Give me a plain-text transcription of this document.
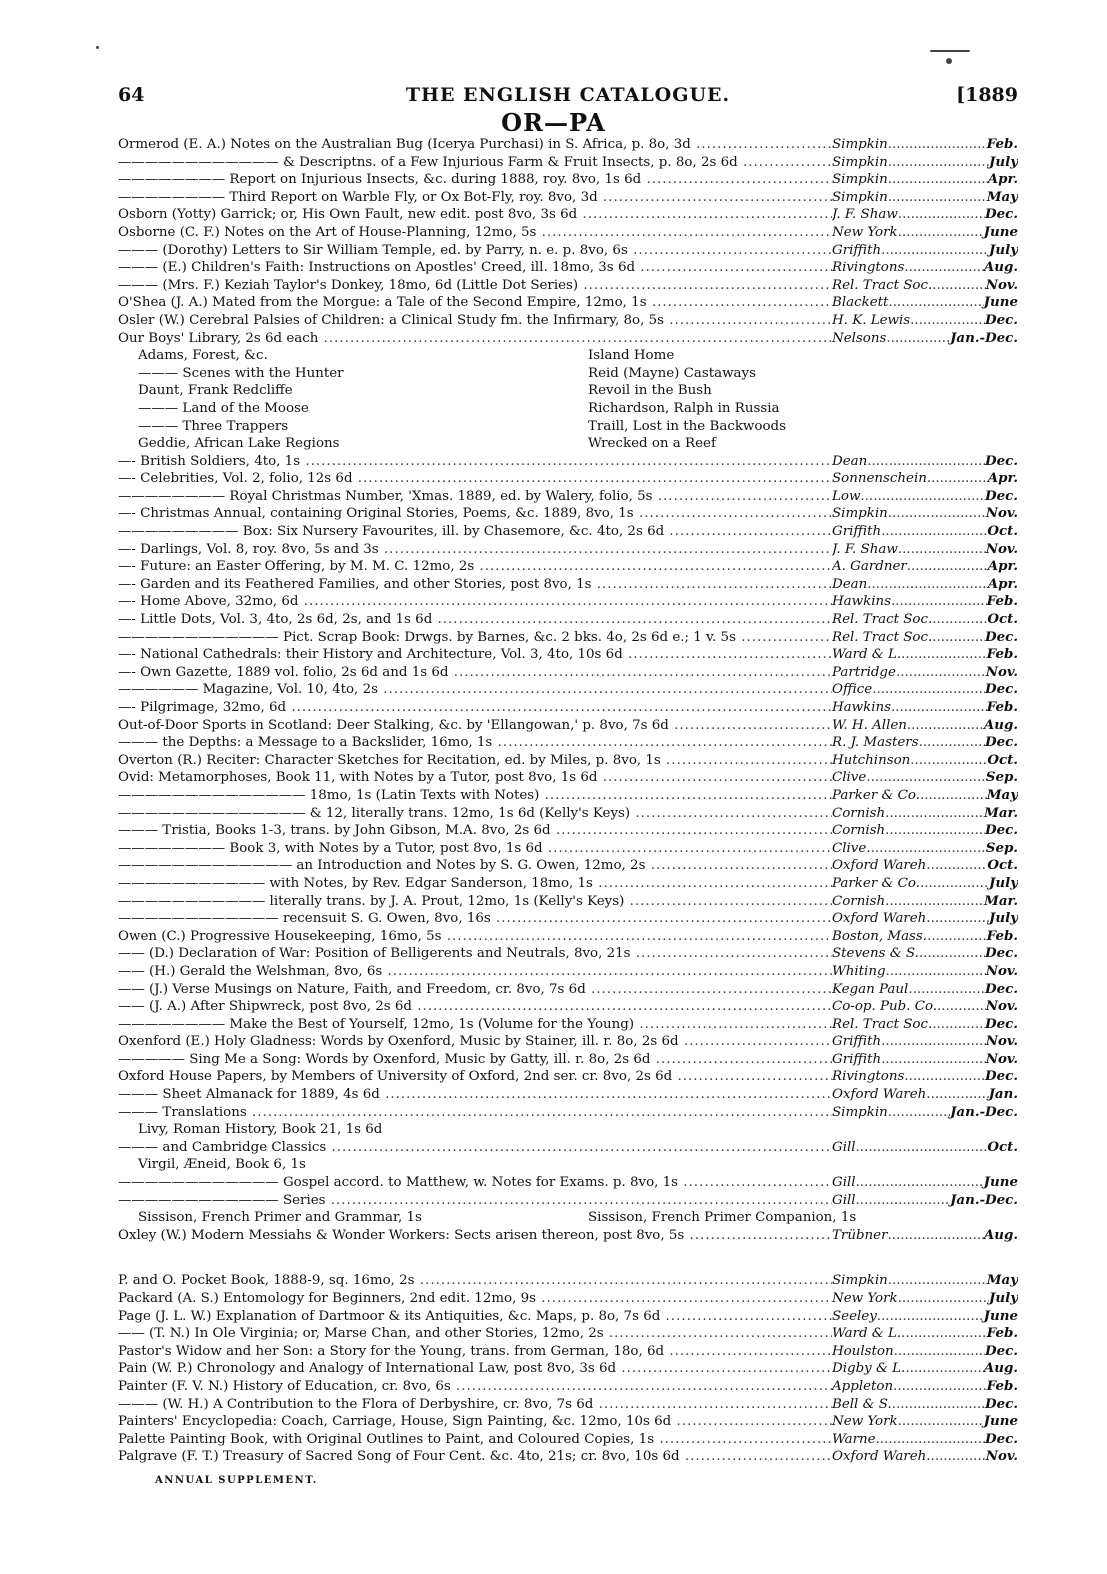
THE ENGLISH CATALOGUE.
64	[1889
OR—PA
Ormerod (E. A.) Notes on the Australian Bug (Icerya Purchasi) in S. Africa, p. 8o, 3d .....	Simpkin .....	Feb.
———————————— & Descriptns. of a Few Injurious Farm & Fruit Insects, p. 8o, 2s 6d .....	Simpkin .....	July
———————— Report on Injurious Insects, &c. during 1888, roy. 8vo, 1s 6d .....	Simpkin .....	Apr.
———————— Third Report on Warble Fly, or Ox Bot-Fly, roy. 8vo, 3d .....	Simpkin .....	May
Osborn (Yotty) Garrick; or, His Own Fault, new edit. post 8vo, 3s 6d .....	J. F. Shaw .....	Dec.
Osborne (C. F.) Notes on the Art of House-Planning, 12mo, 5s .....	New York .....	June
——— (Dorothy) Letters to Sir William Temple, ed. by Parry, n. e. p. 8vo, 6s .....	Griffith .....	July
——— (E.) Children's Faith: Instructions on Apostles' Creed, ill. 18mo, 3s 6d .....	Rivingtons .....	Aug.
——— (Mrs. F.) Keziah Taylor's Donkey, 18mo, 6d (Little Dot Series) .....	Rel. Tract Soc. .....	Nov.
O'Shea (J. A.) Mated from the Morgue: a Tale of the Second Empire, 12mo, 1s .....	Blackett .....	June
Osler (W.) Cerebral Palsies of Children: a Clinical Study fm. the Infirmary, 8o, 5s .....	H. K. Lewis .....	Dec.
Our Boys' Library, 2s 6d each .....	Nelsons .....	Jan.-Dec.
Adams, Forest, &c.	Island Home
——— Scenes with the Hunter	Reid (Mayne) Castaways
Daunt, Frank Redcliffe	Revoil in the Bush
——— Land of the Moose	Richardson, Ralph in Russia
——— Three Trappers	Traill, Lost in the Backwoods
Geddie, African Lake Regions	Wrecked on a Reef
—- British Soldiers, 4to, 1s .....	Dean .....	Dec.
—- Celebrities, Vol. 2, folio, 12s 6d .....	Sonnenschein .....	Apr.
———————— Royal Christmas Number, 'Xmas. 1889, ed. by Walery, folio, 5s .....	Low .....	Dec.
—- Christmas Annual, containing Original Stories, Poems, &c. 1889, 8vo, 1s .....	Simpkin .....	Nov.
————————— Box: Six Nursery Favourites, ill. by Chasemore, &c. 4to, 2s 6d .....	Griffith .....	Oct.
—- Darlings, Vol. 8, roy. 8vo, 5s and 3s .....	J. F. Shaw .....	Nov.
—- Future: an Easter Offering, by M. M. C. 12mo, 2s .....	A. Gardner .....	Apr.
—- Garden and its Feathered Families, and other Stories, post 8vo, 1s .....	Dean .....	Apr.
—- Home Above, 32mo, 6d .....	Hawkins .....	Feb.
—- Little Dots, Vol. 3, 4to, 2s 6d, 2s, and 1s 6d .....	Rel. Tract Soc. .....	Oct.
———————————— Pict. Scrap Book: Drwgs. by Barnes, &c. 2 bks. 4o, 2s 6d e.; 1 v. 5s .....	Rel. Tract Soc. .....	Dec.
—- National Cathedrals: their History and Architecture, Vol. 3, 4to, 10s 6d .....	Ward & L. .....	Feb.
—- Own Gazette, 1889 vol. folio, 2s 6d and 1s 6d .....	Partridge .....	Nov.
—————— Magazine, Vol. 10, 4to, 2s .....	Office .....	Dec.
—- Pilgrimage, 32mo, 6d .....	Hawkins .....	Feb.
Out-of-Door Sports in Scotland: Deer Stalking, &c. by 'Ellangowan,' p. 8vo, 7s 6d .....	W. H. Allen .....	Aug.
——— the Depths: a Message to a Backslider, 16mo, 1s .....	R. J. Masters .....	Dec.
Overton (R.) Reciter: Character Sketches for Recitation, ed. by Miles, p. 8vo, 1s .....	Hutchinson .....	Oct.
Ovid: Metamorphoses, Book 11, with Notes by a Tutor, post 8vo, 1s 6d .....	Clive .....	Sep.
—————————————— 18mo, 1s (Latin Texts with Notes) .....	Parker & Co. .....	May
—————————————— & 12, literally trans. 12mo, 1s 6d (Kelly's Keys) .....	Cornish .....	Mar.
——— Tristia, Books 1-3, trans. by John Gibson, M.A. 8vo, 2s 6d .....	Cornish .....	Dec.
———————— Book 3, with Notes by a Tutor, post 8vo, 1s 6d .....	Clive .....	Sep.
————————————— an Introduction and Notes by S. G. Owen, 12mo, 2s .....	Oxford Wareh. .....	Oct.
——————————— with Notes, by Rev. Edgar Sanderson, 18mo, 1s .....	Parker & Co. .....	July
——————————— literally trans. by J. A. Prout, 12mo, 1s (Kelly's Keys) .....	Cornish .....	Mar.
———————————— recensuit S. G. Owen, 8vo, 16s .....	Oxford Wareh. .....	July
Owen (C.) Progressive Housekeeping, 16mo, 5s .....	Boston, Mass. .....	Feb.
—— (D.) Declaration of War: Position of Belligerents and Neutrals, 8vo, 21s .....	Stevens & S. .....	Dec.
—— (H.) Gerald the Welshman, 8vo, 6s .....	Whiting .....	Nov.
—— (J.) Verse Musings on Nature, Faith, and Freedom, cr. 8vo, 7s 6d .....	Kegan Paul .....	Dec.
—— (J. A.) After Shipwreck, post 8vo, 2s 6d .....	Co-op. Pub. Co. .....	Nov.
———————— Make the Best of Yourself, 12mo, 1s (Volume for the Young) .....	Rel. Tract Soc. .....	Dec.
Oxenford (E.) Holy Gladness: Words by Oxenford, Music by Stainer, ill. r. 8o, 2s 6d .....	Griffith .....	Nov.
————— Sing Me a Song: Words by Oxenford, Music by Gatty, ill. r. 8o, 2s 6d .....	Griffith .....	Nov.
Oxford House Papers, by Members of University of Oxford, 2nd ser. cr. 8vo, 2s 6d .....	Rivingtons .....	Dec.
——— Sheet Almanack for 1889, 4s 6d .....	Oxford Wareh. .....	Jan.
——— Translations .....	Simpkin .....	Jan.-Dec.
Livy, Roman History, Book 21, 1s 6d
——— and Cambridge Classics .....	Gill .....	Oct.
Virgil, Æneid, Book 6, 1s
———————————— Gospel accord. to Matthew, w. Notes for Exams. p. 8vo, 1s .....	Gill .....	June
———————————— Series .....	Gill .....	Jan.-Dec.
Sissison, French Primer and Grammar, 1s	Sissison, French Primer Companion, 1s
Oxley (W.) Modern Messiahs & Wonder Workers: Sects arisen thereon, post 8vo, 5s .....	Trübner .....	Aug.
P. and O. Pocket Book, 1888-9, sq. 16mo, 2s .....	Simpkin .....	May
Packard (A. S.) Entomology for Beginners, 2nd edit. 12mo, 9s .....	New York .....	July
Page (J. L. W.) Explanation of Dartmoor & its Antiquities, &c. Maps, p. 8o, 7s 6d .....	Seeley .....	June
—— (T. N.) In Ole Virginia; or, Marse Chan, and other Stories, 12mo, 2s .....	Ward & L. .....	Feb.
Pastor's Widow and her Son: a Story for the Young, trans. from German, 18o, 6d .....	Houlston .....	Dec.
Pain (W. P.) Chronology and Analogy of International Law, post 8vo, 3s 6d .....	Digby & L. .....	Aug.
Painter (F. V. N.) History of Education, cr. 8vo, 6s .....	Appleton .....	Feb.
——— (W. H.) A Contribution to the Flora of Derbyshire, cr. 8vo, 7s 6d .....	Bell & S. .....	Dec.
Painters' Encyclopedia: Coach, Carriage, House, Sign Painting, &c. 12mo, 10s 6d .....	New York .....	June
Palette Painting Book, with Original Outlines to Paint, and Coloured Copies, 1s .....	Warne .....	Dec.
Palgrave (F. T.) Treasury of Sacred Song of Four Cent. &c. 4to, 21s; cr. 8vo, 10s 6d .....	Oxford Wareh. .....	Nov.
ANNUAL SUPPLEMENT.
